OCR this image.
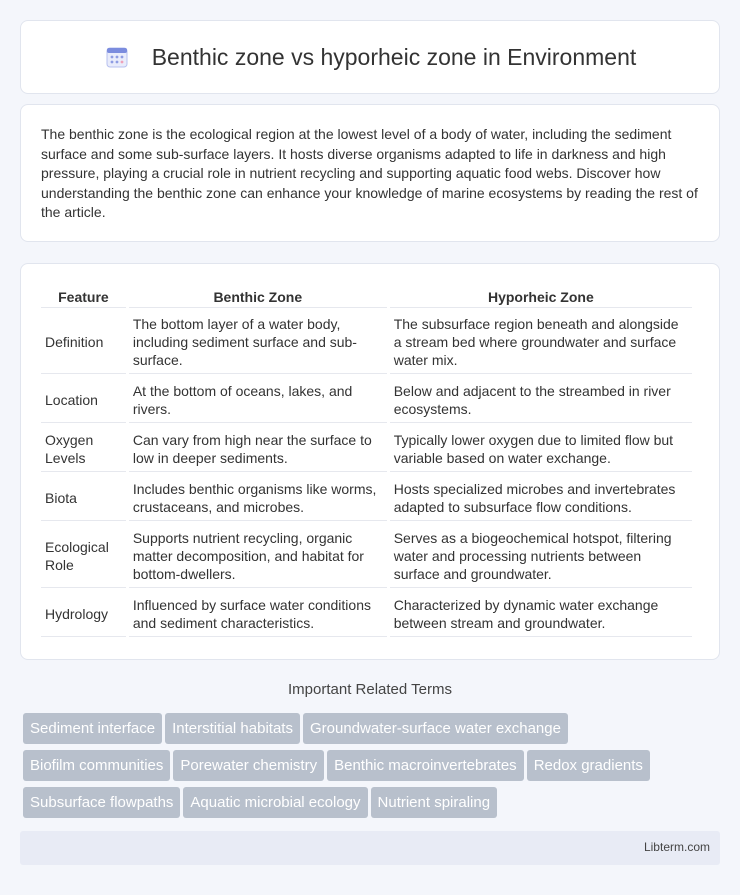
Benthic zone vs hyporheic zone in Environment

The benthic zone is the ecological region at the lowest level of a body of water, including the sediment surface and some sub-surface layers. It hosts diverse organisms adapted to life in darkness and high pressure, playing a crucial role in nutrient recycling and supporting aquatic food webs. Discover how understanding the benthic zone can enhance your knowledge of marine ecosystems by reading the rest of the article.

Feature	Benthic Zone	Hyporheic Zone
Definition	The bottom layer of a water body, including sediment surface and sub-surface.	The subsurface region beneath and alongside a stream bed where groundwater and surface water mix.
Location	At the bottom of oceans, lakes, and rivers.	Below and adjacent to the streambed in river ecosystems.
Oxygen Levels	Can vary from high near the surface to low in deeper sediments.	Typically lower oxygen due to limited flow but variable based on water exchange.
Biota	Includes benthic organisms like worms, crustaceans, and microbes.	Hosts specialized microbes and invertebrates adapted to subsurface flow conditions.
Ecological Role	Supports nutrient recycling, organic matter decomposition, and habitat for bottom-dwellers.	Serves as a biogeochemical hotspot, filtering water and processing nutrients between surface and groundwater.
Hydrology	Influenced by surface water conditions and sediment characteristics.	Characterized by dynamic water exchange between stream and groundwater.
Important Related Terms
Sediment interface Interstitial habitats Groundwater-surface water exchange
Biofilm communities Porewater chemistry Benthic macroinvertebrates Redox gradients
Subsurface flowpaths Aquatic microbial ecology Nutrient spiraling
Libterm.com
